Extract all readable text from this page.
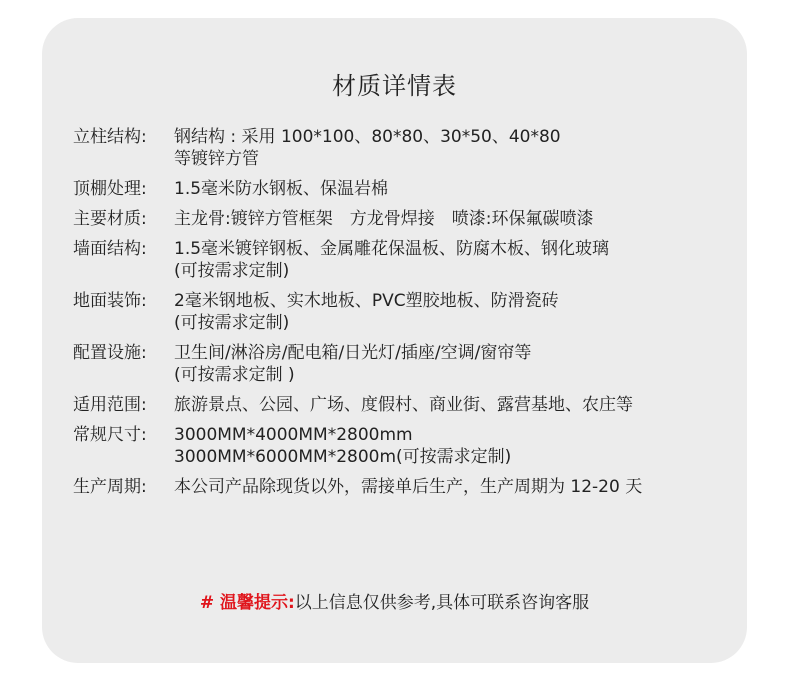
材质详情表
立柱结构:	钢结构 : 采用 100*100、80*80、30*50、40*80
等镀锌方管
顶棚处理:	1.5毫米防水钢板、保温岩棉
主要材质:	主龙骨:镀锌方管框架　方龙骨焊接　喷漆:环保氟碳喷漆
墙面结构:	1.5毫米镀锌钢板、金属雕花保温板、防腐木板、钢化玻璃
(可按需求定制)
地面装饰:	2毫米钢地板、实木地板、PVC塑胶地板、防滑瓷砖
(可按需求定制)
配置设施:	卫生间/淋浴房/配电箱/日光灯/插座/空调/窗帘等
(可按需求定制 )
适用范围:	旅游景点、公园、广场、度假村、商业街、露营基地、农庄等
常规尺寸:	3000MM*4000MM*2800mm
3000MM*6000MM*2800m(可按需求定制)
生产周期:	本公司产品除现货以外，需接单后生产，生产周期为 12-20 天
# 温馨提示:以上信息仅供参考,具体可联系咨询客服
